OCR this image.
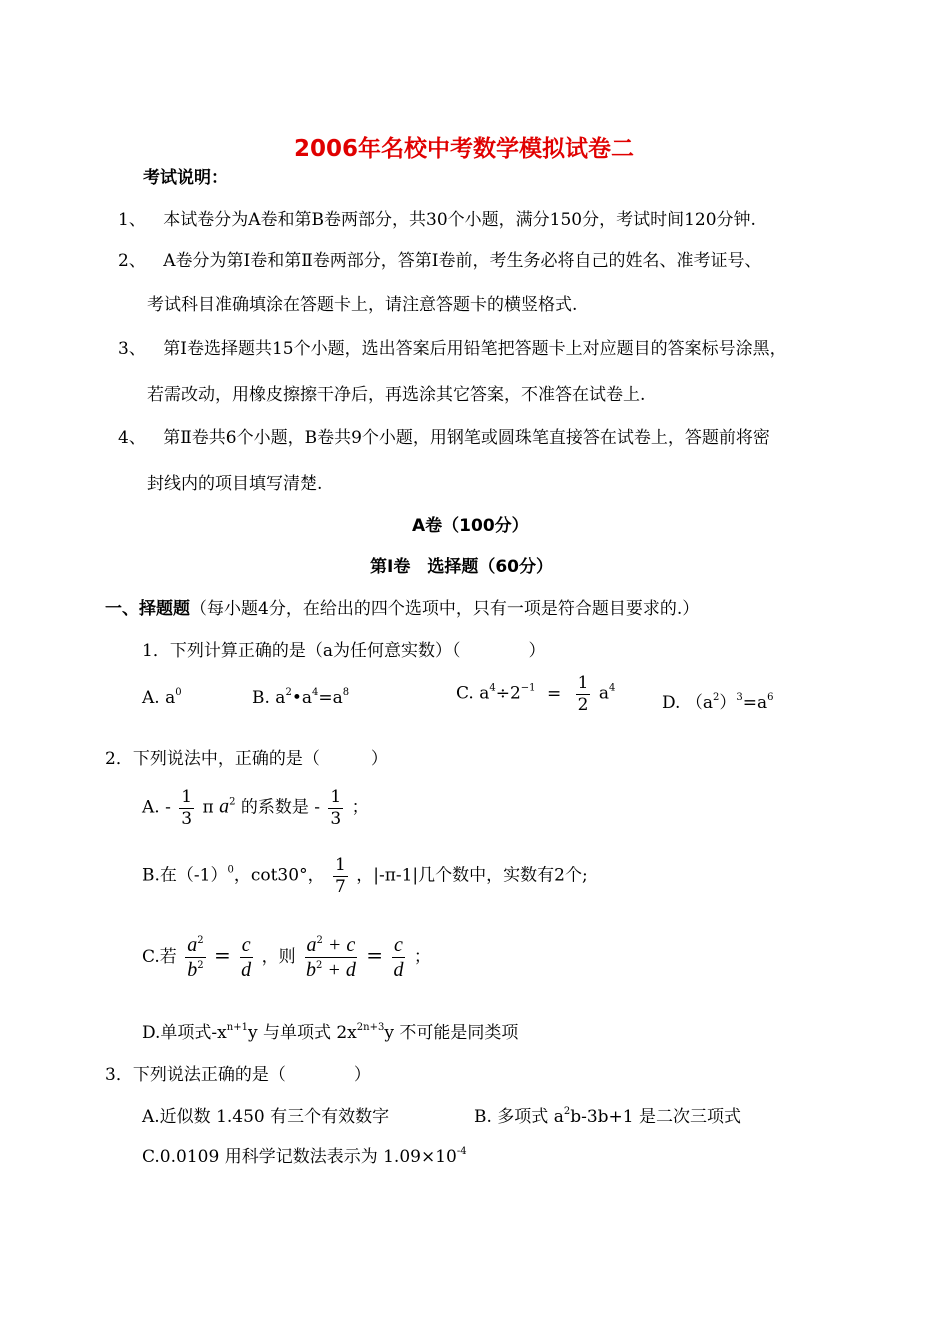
2006年名校中考数学模拟试卷二
考试说明：
1、 本试卷分为A卷和第B卷两部分，共30个小题，满分150分，考试时间120分钟.
2、 A卷分为第Ⅰ卷和第Ⅱ卷两部分，答第Ⅰ卷前，考生务必将自己的姓名、准考证号、
考试科目准确填涂在答题卡上，请注意答题卡的横竖格式.
3、 第Ⅰ卷选择题共15个小题，选出答案后用铅笔把答题卡上对应题目的答案标号涂黑，
若需改动，用橡皮擦擦干净后，再选涂其它答案，不准答在试卷上.
4、 第Ⅱ卷共6个小题，B卷共9个小题，用钢笔或圆珠笔直接答在试卷上，答题前将密
封线内的项目填写清楚.
A卷（100分）
第Ⅰ卷　选择题（60分）
一、择题题（每小题4分，在给出的四个选项中，只有一项是符合题目要求的.）
1．下列计算正确的是（a为任何意实数）（　　　　）
A. $a^0$	B. $a^2•a^4=a^8$	C. $a^4\div 2^{-1} = \frac{1}{2} a^4$
D. $(a^2)^3=a^6$
2．下列说法中，正确的是（　　　）
A. - $\frac{1}{3}$ π $a^2$ 的系数是 - $\frac{1}{3}$ ；
B.在$(-1)^0$，cot30°， $\frac{1}{7}$ ，|-π-1|几个数中，实数有2个;
C.若 $\frac{a^2}{b^2} = \frac{c}{d}$ ，则 $\frac{a^2 + c}{b^2 + d} = \frac{c}{d}$ ；
D.单项式$-x^{n+1}y$ 与单项式 $2x^{2n+3}y$ 不可能是同类项
3．下列说法正确的是（　　　　）
A.近似数 1.450 有三个有效数字	B. 多项式 $a^2b-3b+1$ 是二次三项式
C.0.0109 用科学记数法表示为 $1.09\times 10^{-4}$
